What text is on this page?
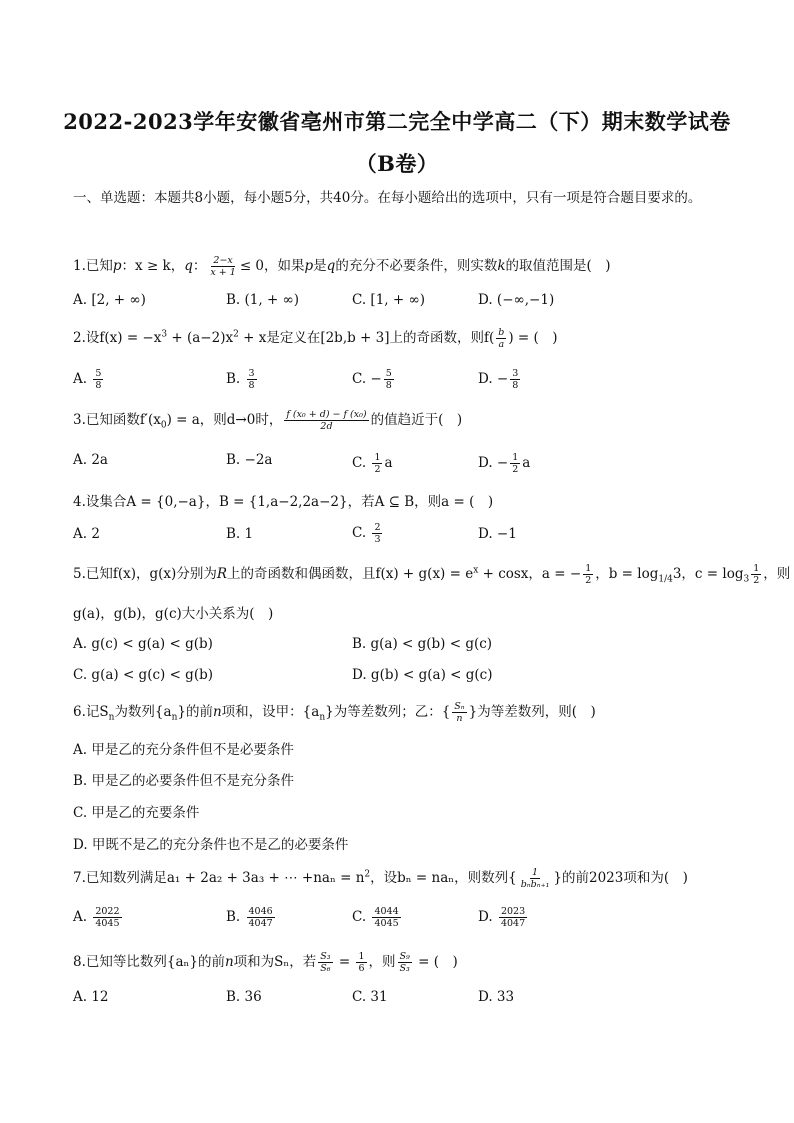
2022-2023学年安徽省亳州市第二完全中学高二（下）期末数学试卷
（B卷）
一、单选题：本题共8小题，每小题5分，共40分。在每小题给出的选项中，只有一项是符合题目要求的。
1.已知p：x ≥ k，q： $\frac{2-x}{x + 1} \le 0$，如果p是q的充分不必要条件，则实数k的取值范围是(　)
A. [2, + ∞)	B. (1, + ∞)	C. [1, + ∞)	D. (−∞,−1)
2.设$f(x) = -x^3 + (a-2)x^2 + x$是定义在[2b,b + 3]上的奇函数，则$f( \frac{b}{a}$ ) = (　)
A. $\frac{5}{8}$	B. $\frac{3}{8}$	C. − $\frac{5}{8}$	D. − $\frac{3}{8}$
3.已知函数$f'(x_0) = a$，则d→0时， $\frac{\text{f (x₀ + d) − f (x₀)}}{2d}$ 的值趋近于(　)
A. 2a	B. −2a	C. $\frac{1}{2}$ a	D. − $\frac{1}{2}$ a
4.设集合A = {0,−a}，B = {1,a−2,2a−2}，若A ⊆ B，则a = (　)
A. 2	B. 1	C. $\frac{2}{3}$	D. −1
5.已知f(x)，g(x)分别为R上的奇函数和偶函数，且$f(x) + g(x) = e^x + \cos x$，a = − $\frac{1}{2}$ ，$b = \log_{1/4}3$，$c = \log_3 \frac{1}{2}$ ，则
g(a)，g(b)，g(c)大小关系为(　)
A. g(c) < g(a) < g(b)	B. g(a) < g(b) < g(c)
C. g(a) < g(c) < g(b)	D. g(b) < g(a) < g(c)
6.记$S_n$为数列$\{a_n\}$的前n项和，设甲：$\{a_n\}$为等差数列；乙：{ $\frac{\text{Sₙ}}{n}$ }为等差数列，则(　)
A. 甲是乙的充分条件但不是必要条件
B. 甲是乙的必要条件但不是充分条件
C. 甲是乙的充要条件
D. 甲既不是乙的充分条件也不是乙的必要条件
7.已知数列满足a₁ + 2a₂ + 3a₃ + ⋯ $+na_n = n^2$，设bₙ = naₙ，则数列{ $\frac{1}{\text{bₙbₙ₊₁}}$ }的前2023项和为(　)
A. $\frac{2022}{4045}$	B. $\frac{4046}{4047}$	C. $\frac{4044}{4045}$	D. $\frac{2023}{4047}$
8.已知等比数列{aₙ}的前n项和为Sₙ，若 $\frac{\text{S₃}}{\text{S₆}} = \frac{1}{6}$ ，则 $\frac{\text{S₉}}{\text{S₃}}$ = (　)
A. 12	B. 36	C. 31	D. 33
